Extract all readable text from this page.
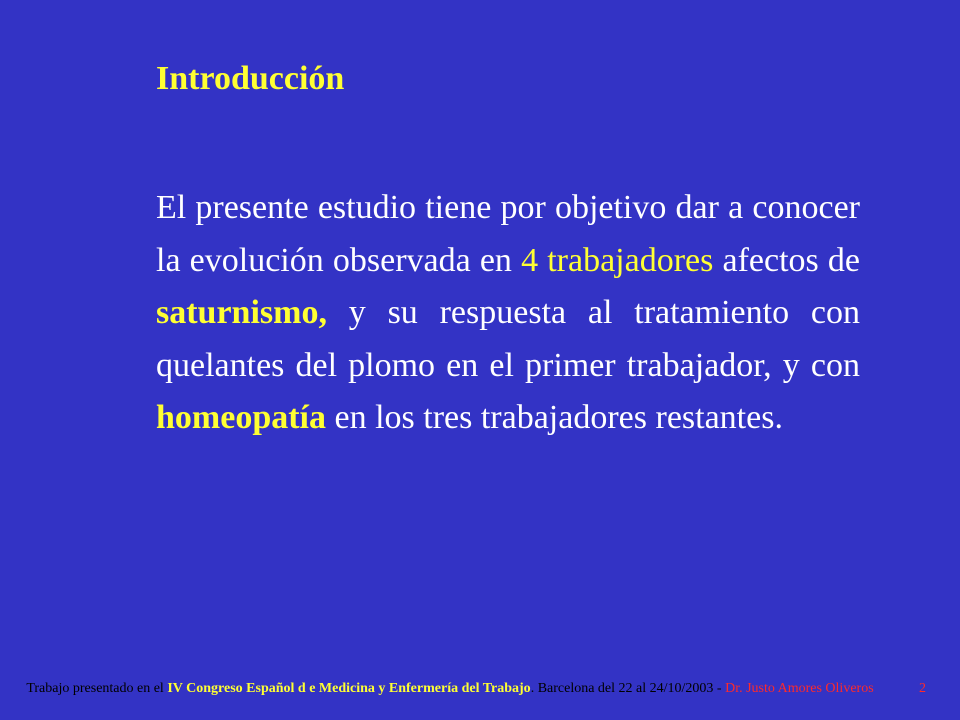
Introducción
El presente estudio tiene por objetivo dar a conocer la evolución observada en 4 trabajadores afectos de saturnismo, y su respuesta al tratamiento con quelantes del plomo en el primer trabajador, y con homeopatía en los tres trabajadores restantes.
Trabajo presentado en el IV Congreso Español d e Medicina y Enfermería del Trabajo. Barcelona del 22 al 24/10/2003 - Dr. Justo Amores Oliveros	2
